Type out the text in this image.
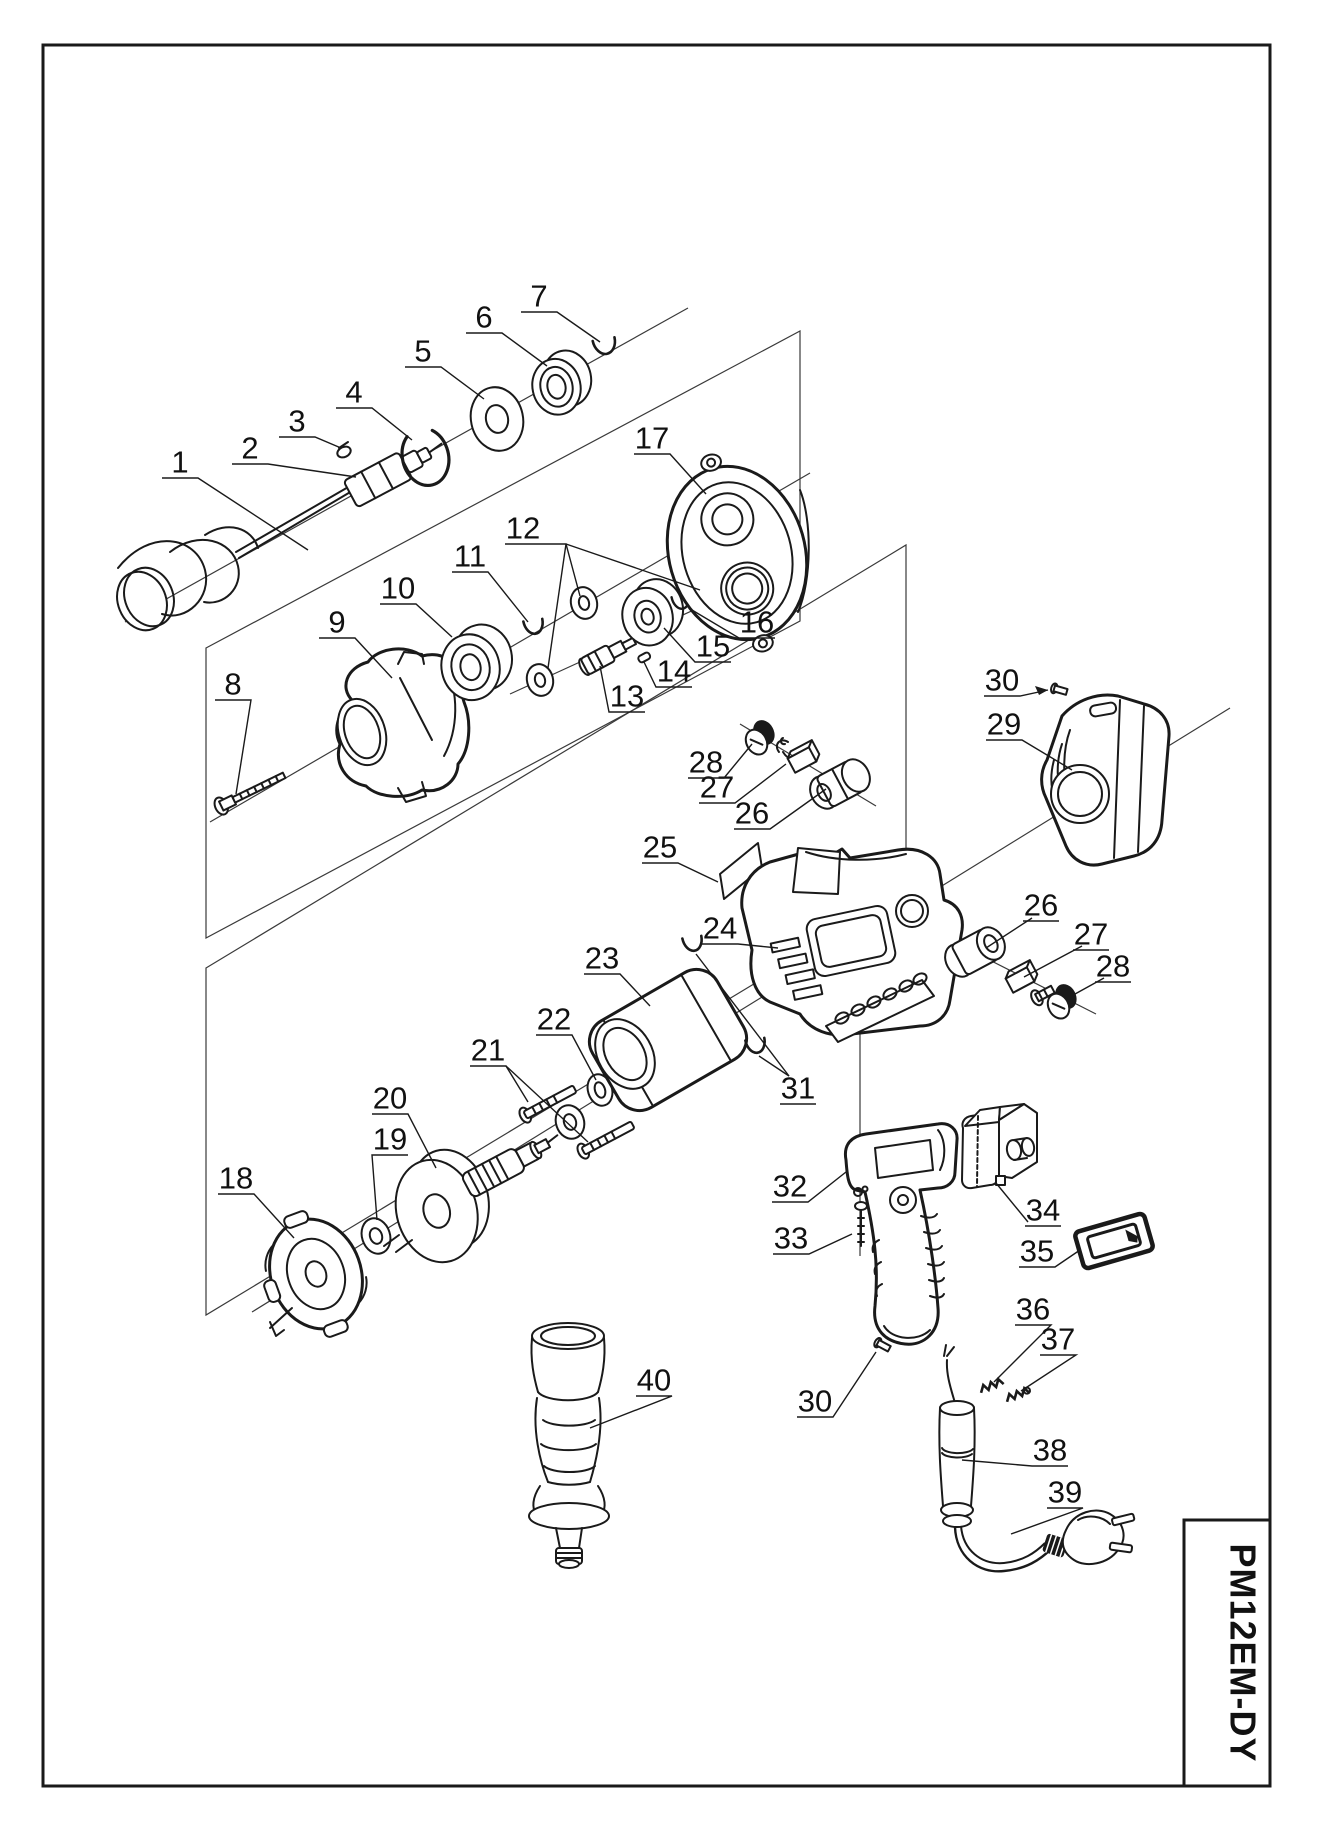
PM12EM-DY
1 2
3
4
5
6
7
8
9
10
11
12
13
14
15
16
17
18
19
20
21
22
23
24
25
26
27
28
26
27
28
29
30
30
31
32
33
34
35
36
37
38
39
40
